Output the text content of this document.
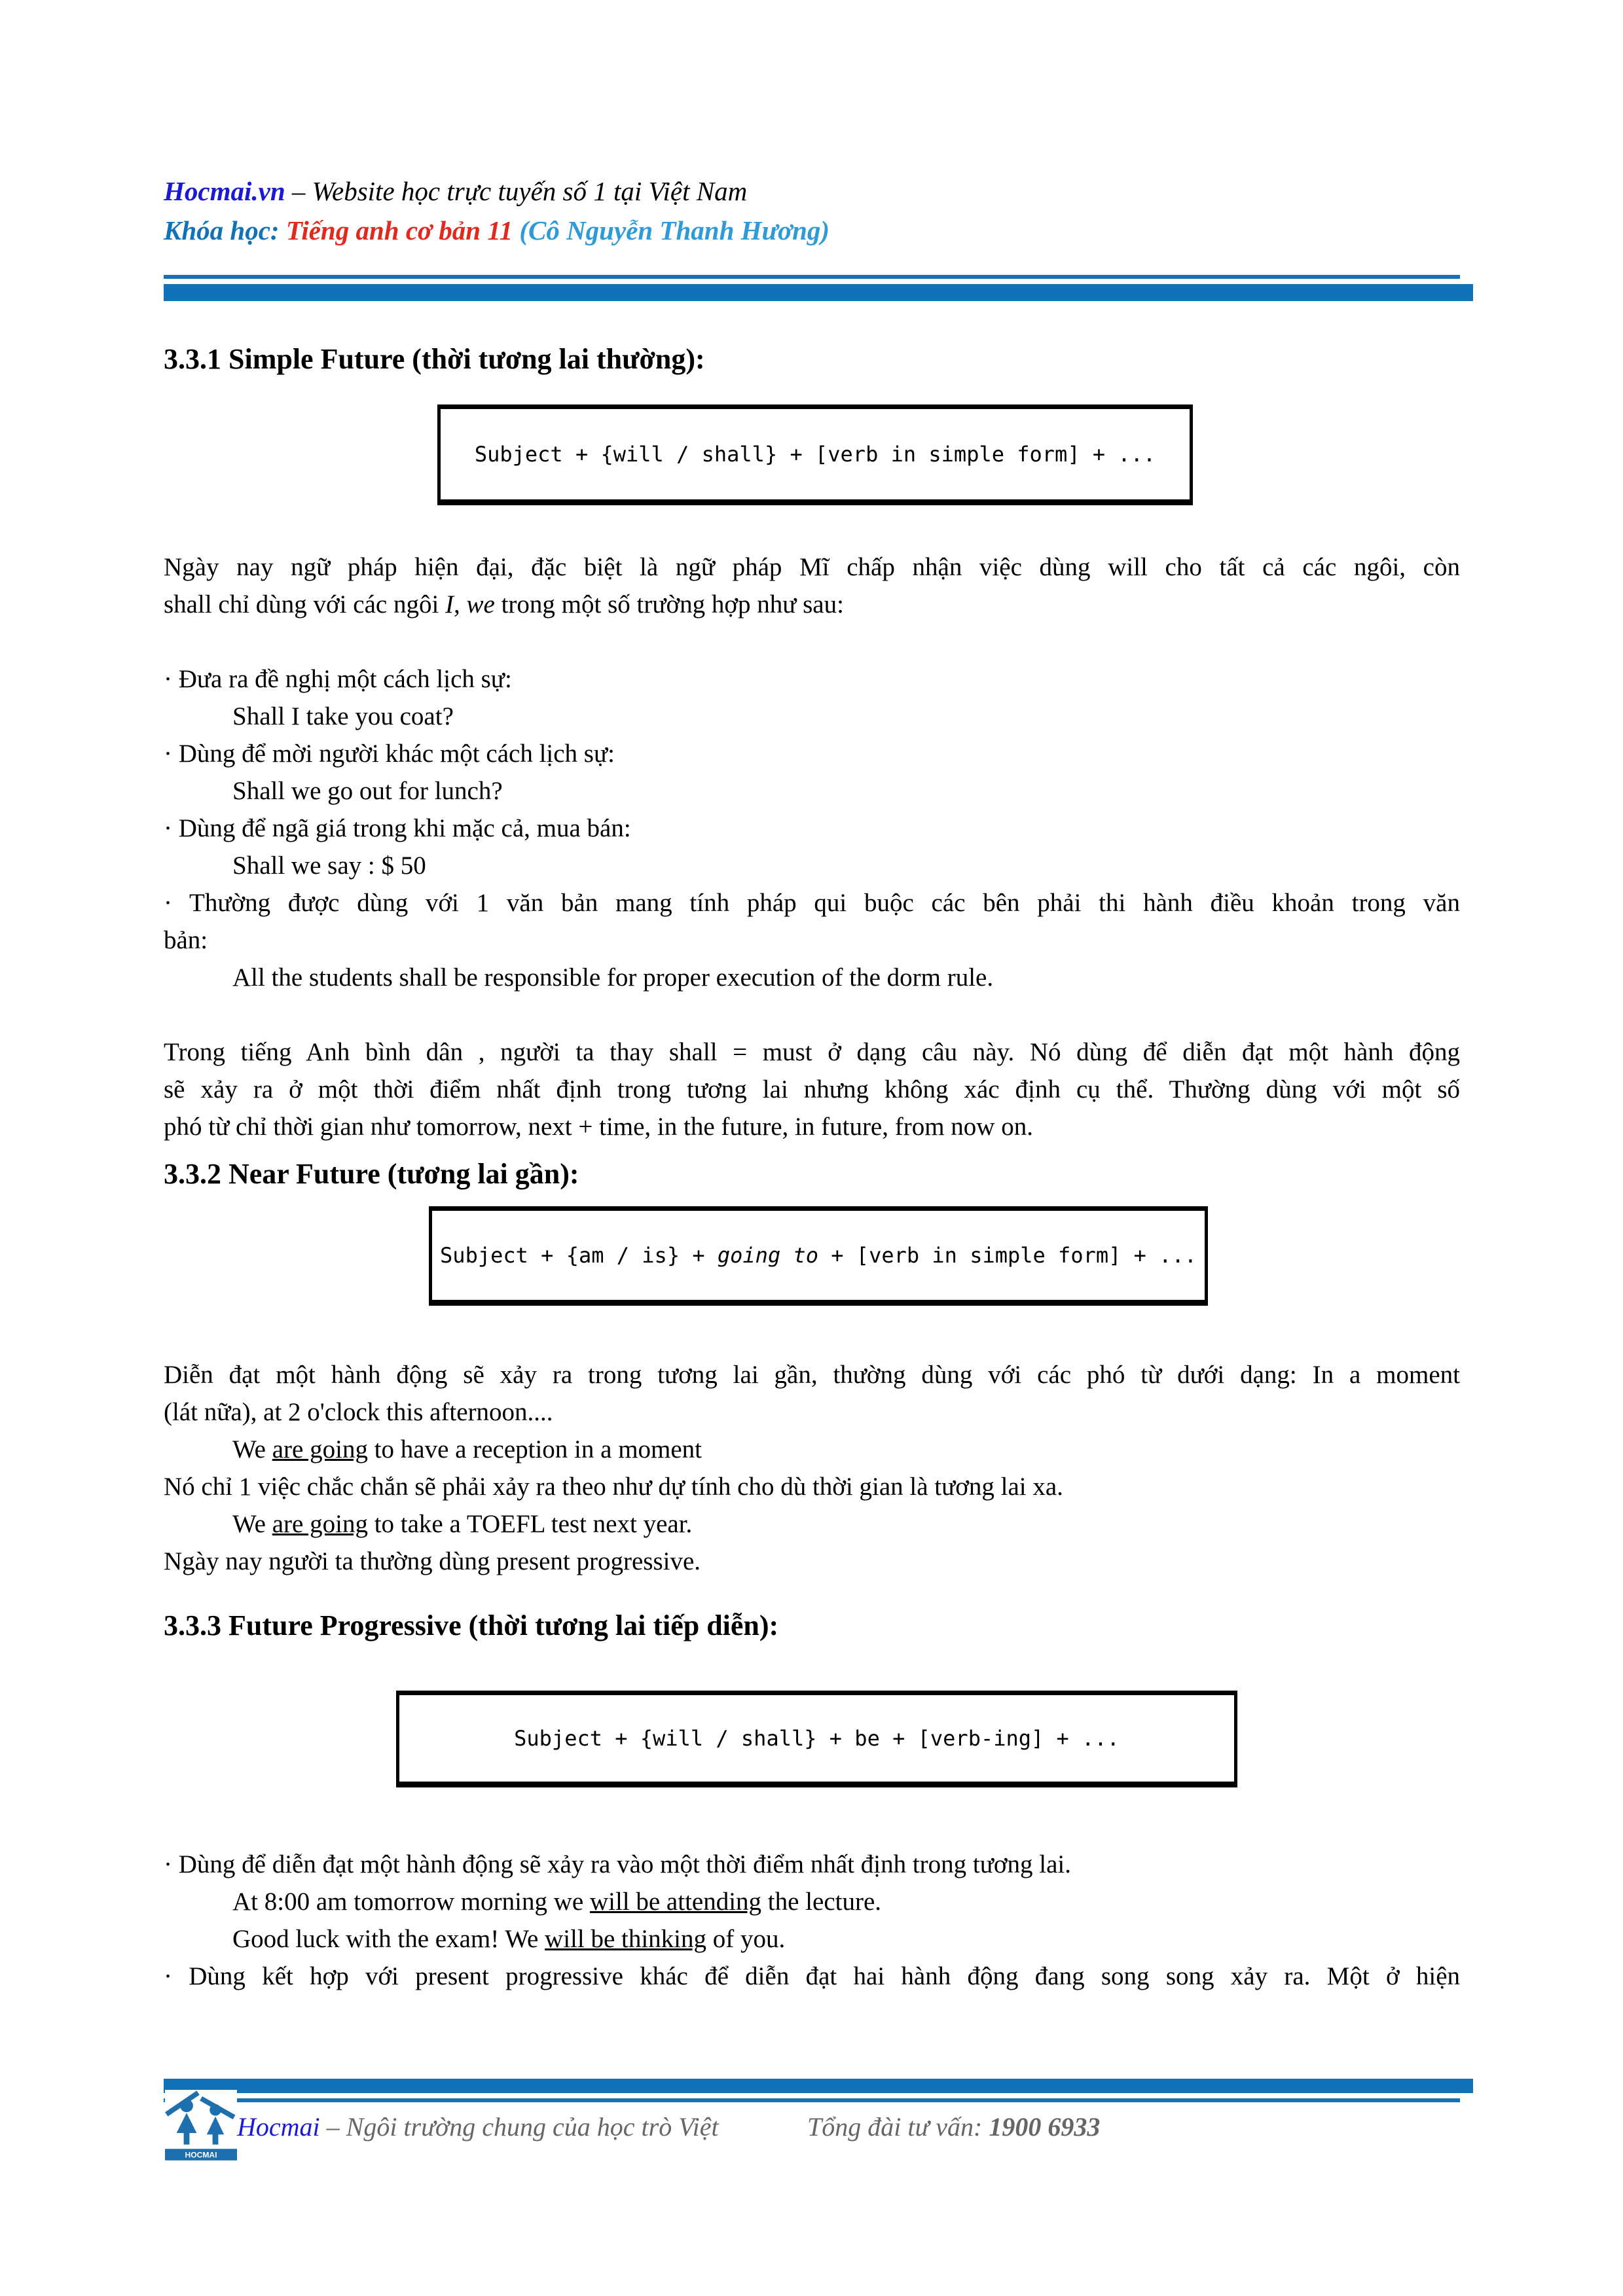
Hocmai.vn – Website học trực tuyến số 1 tại Việt Nam
Khóa học: Tiếng anh cơ bản 11 (Cô Nguyễn Thanh Hương)
3.3.1 Simple Future (thời tương lai thường):
Subject + {will / shall} + [verb in simple form] + ...
Ngày nay ngữ pháp hiện đại, đặc biệt là ngữ pháp Mĩ chấp nhận việc dùng will cho tất cả các ngôi, còn
shall chỉ dùng với các ngôi I, we trong một số trường hợp như sau:
· Đưa ra đề nghị một cách lịch sự:
Shall I take you coat?
· Dùng để mời người khác một cách lịch sự:
Shall we go out for lunch?
· Dùng để ngã giá trong khi mặc cả, mua bán:
Shall we say : $ 50
· Thường được dùng với 1 văn bản mang tính pháp qui buộc các bên phải thi hành điều khoản trong văn
bản:
All the students shall be responsible for proper execution of the dorm rule.
Trong tiếng Anh bình dân , người ta thay shall = must ở dạng câu này. Nó dùng để diễn đạt một hành động
sẽ xảy ra ở một thời điểm nhất định trong tương lai nhưng không xác định cụ thể. Thường dùng với một số
phó từ chỉ thời gian như tomorrow, next + time, in the future, in future, from now on.
3.3.2 Near Future (tương lai gần):
Subject + {am / is} + going to + [verb in simple form] + ...
Diễn đạt một hành động sẽ xảy ra trong tương lai gần, thường dùng với các phó từ dưới dạng: In a moment
(lát nữa), at 2 o'clock this afternoon....
We are going to have a reception in a moment
Nó chỉ 1 việc chắc chắn sẽ phải xảy ra theo như dự tính cho dù thời gian là tương lai xa.
We are going to take a TOEFL test next year.
Ngày nay người ta thường dùng present progressive.
3.3.3 Future Progressive (thời tương lai tiếp diễn):
Subject + {will / shall} + be + [verb-ing] + ...
· Dùng để diễn đạt một hành động sẽ xảy ra vào một thời điểm nhất định trong tương lai.
At 8:00 am tomorrow morning we will be attending the lecture.
Good luck with the exam! We will be thinking of you.
· Dùng kết hợp với present progressive khác để diễn đạt hai hành động đang song song xảy ra. Một ở hiện
HOCMAI
Hocmai – Ngôi trường chung của học trò Việt	Tổng đài tư vấn: 1900 6933
